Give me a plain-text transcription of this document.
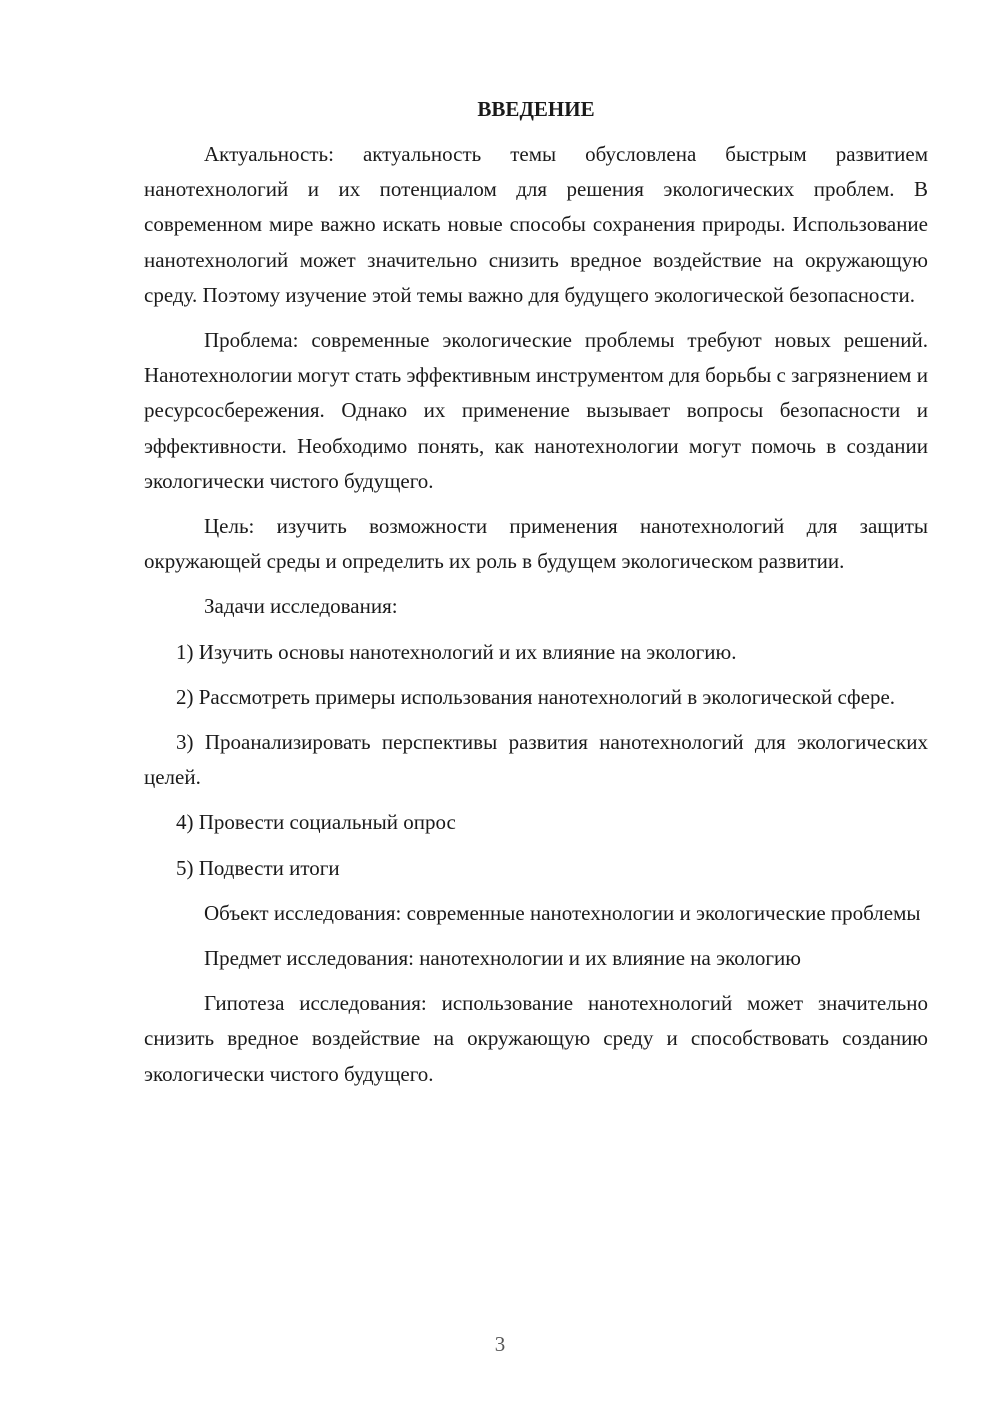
ВВЕДЕНИЕ

Актуальность: актуальность темы обусловлена быстрым развитием нанотехнологий и их потенциалом для решения экологических проблем. В современном мире важно искать новые способы сохранения природы. Использование нанотехнологий может значительно снизить вредное воздействие на окружающую среду. Поэтому изучение этой темы важно для будущего экологической безопасности.

Проблема: современные экологические проблемы требуют новых решений. Нанотехнологии могут стать эффективным инструментом для борьбы с загрязнением и ресурсосбережения. Однако их применение вызывает вопросы безопасности и эффективности. Необходимо понять, как нанотехнологии могут помочь в создании экологически чистого будущего.

Цель: изучить возможности применения нанотехнологий для защиты окружающей среды и определить их роль в будущем экологическом развитии.

Задачи исследования:

1) Изучить основы нанотехнологий и их влияние на экологию.

2) Рассмотреть примеры использования нанотехнологий в экологической сфере.

3) Проанализировать перспективы развития нанотехнологий для экологических целей.

4) Провести социальный опрос

5) Подвести итоги

Объект исследования: современные нанотехнологии и экологические проблемы

Предмет исследования: нанотехнологии и их влияние на экологию

Гипотеза исследования: использование нанотехнологий может значительно снизить вредное воздействие на окружающую среду и способствовать созданию экологически чистого будущего.

3
